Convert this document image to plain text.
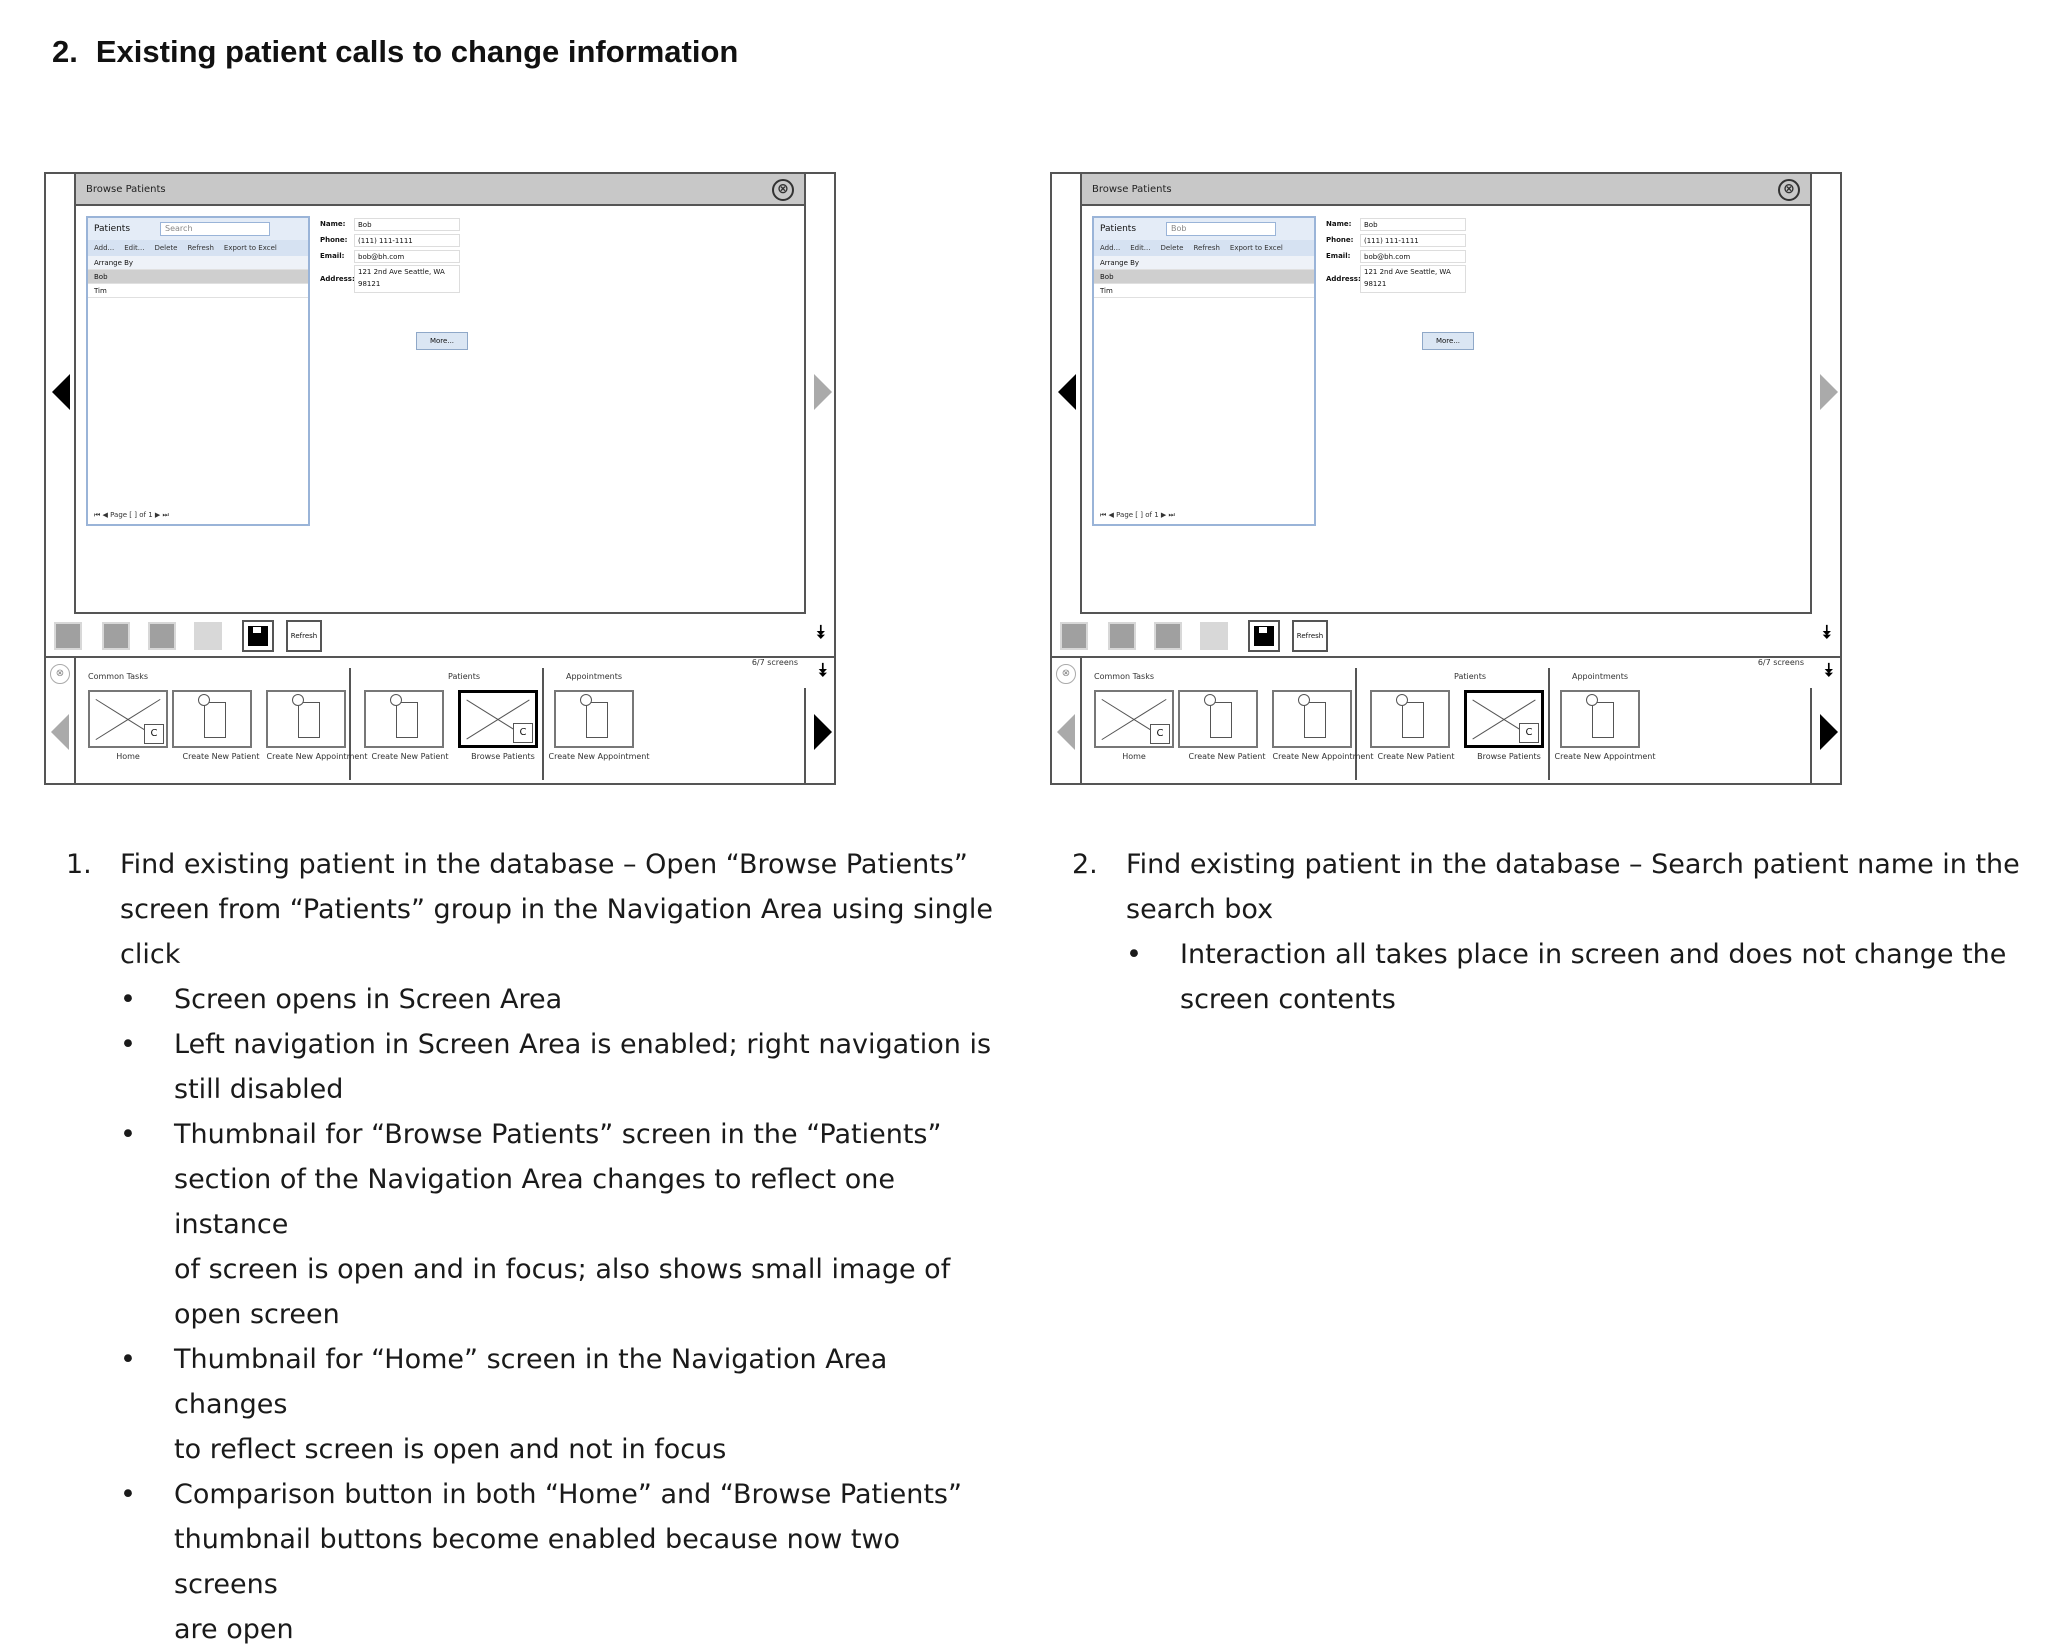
2. Existing patient calls to change information
Browse Patients	⊗
Patients	Search
Add... Edit... Delete Refresh Export to Excel
Arrange By
Bob
Tim
⏮ ◀ Page [ ] of 1 ▶ ⏭
Name:	Bob
Phone:	(111) 111-1111
Email:	bob@bh.com
Address:
121 2nd Ave Seattle, WA 98121
More...
Refresh	⯯
⊗
6/7 screens
Common Tasks	Patients	Appointments
C
Home	Create New Patient Create New Appointment Create New Patient
C
Browse Patients	Create New Appointment
⯯
Browse Patients	⊗
Patients	Bob
Add... Edit... Delete Refresh Export to Excel
Arrange By
Bob
Tim
⏮ ◀ Page [ ] of 1 ▶ ⏭
Name:	Bob
Phone:	(111) 111-1111
Email:	bob@bh.com
Address:
121 2nd Ave Seattle, WA 98121
More...
Refresh	⯯
⊗
6/7 screens
Common Tasks	Patients	Appointments
C
Home	Create New Patient Create New Appointment Create New Patient
C
Browse Patients	Create New Appointment
⯯
1.	Find existing patient in the database – Open “Browse Patients”
screen from “Patients” group in the Navigation Area using single
click
•	Screen opens in Screen Area
•	Left navigation in Screen Area is enabled; right navigation is
still disabled
•	Thumbnail for “Browse Patients” screen in the “Patients”
section of the Navigation Area changes to reflect one instance
of screen is open and in focus; also shows small image of
open screen
•	Thumbnail for “Home” screen in the Navigation Area changes
to reflect screen is open and not in focus
•	Comparison button in both “Home” and “Browse Patients”
thumbnail buttons become enabled because now two screens
are open
2.	Find existing patient in the database – Search patient name in the
search box
•	Interaction all takes place in screen and does not change the
screen contents
